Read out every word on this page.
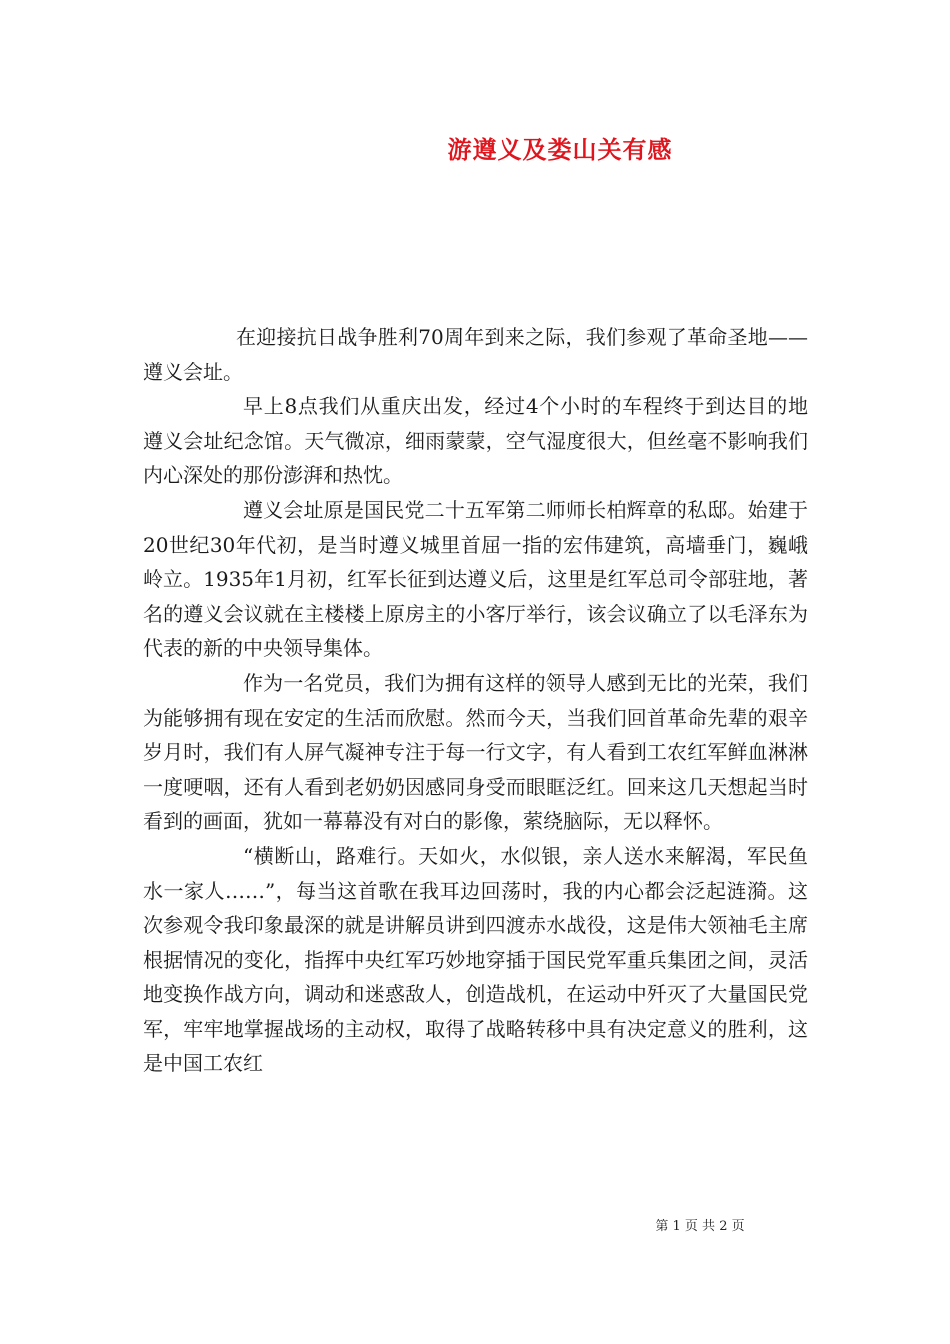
游遵义及娄山关有感

在迎接抗日战争胜利70周年到来之际，我们参观了革命圣地——遵义会址。

早上8点我们从重庆出发，经过4个小时的车程终于到达目的地遵义会址纪念馆。天气微凉，细雨蒙蒙，空气湿度很大，但丝毫不影响我们内心深处的那份澎湃和热忱。

遵义会址原是国民党二十五军第二师师长柏辉章的私邸。始建于20世纪30年代初，是当时遵义城里首屈一指的宏伟建筑，高墙垂门，巍峨岭立。1935年1月初，红军长征到达遵义后，这里是红军总司令部驻地，著名的遵义会议就在主楼楼上原房主的小客厅举行，该会议确立了以毛泽东为代表的新的中央领导集体。

作为一名党员，我们为拥有这样的领导人感到无比的光荣，我们为能够拥有现在安定的生活而欣慰。然而今天，当我们回首革命先辈的艰辛岁月时，我们有人屏气凝神专注于每一行文字，有人看到工农红军鲜血淋淋一度哽咽，还有人看到老奶奶因感同身受而眼眶泛红。回来这几天想起当时看到的画面，犹如一幕幕没有对白的影像，萦绕脑际，无以释怀。

“横断山，路难行。天如火，水似银，亲人送水来解渴，军民鱼水一家人……”，每当这首歌在我耳边回荡时，我的内心都会泛起涟漪。这次参观令我印象最深的就是讲解员讲到四渡赤水战役，这是伟大领袖毛主席根据情况的变化，指挥中央红军巧妙地穿插于国民党军重兵集团之间，灵活地变换作战方向，调动和迷惑敌人，创造战机，在运动中歼灭了大量国民党军，牢牢地掌握战场的主动权，取得了战略转移中具有决定意义的胜利，这是中国工农红

第 1 页 共 2 页
